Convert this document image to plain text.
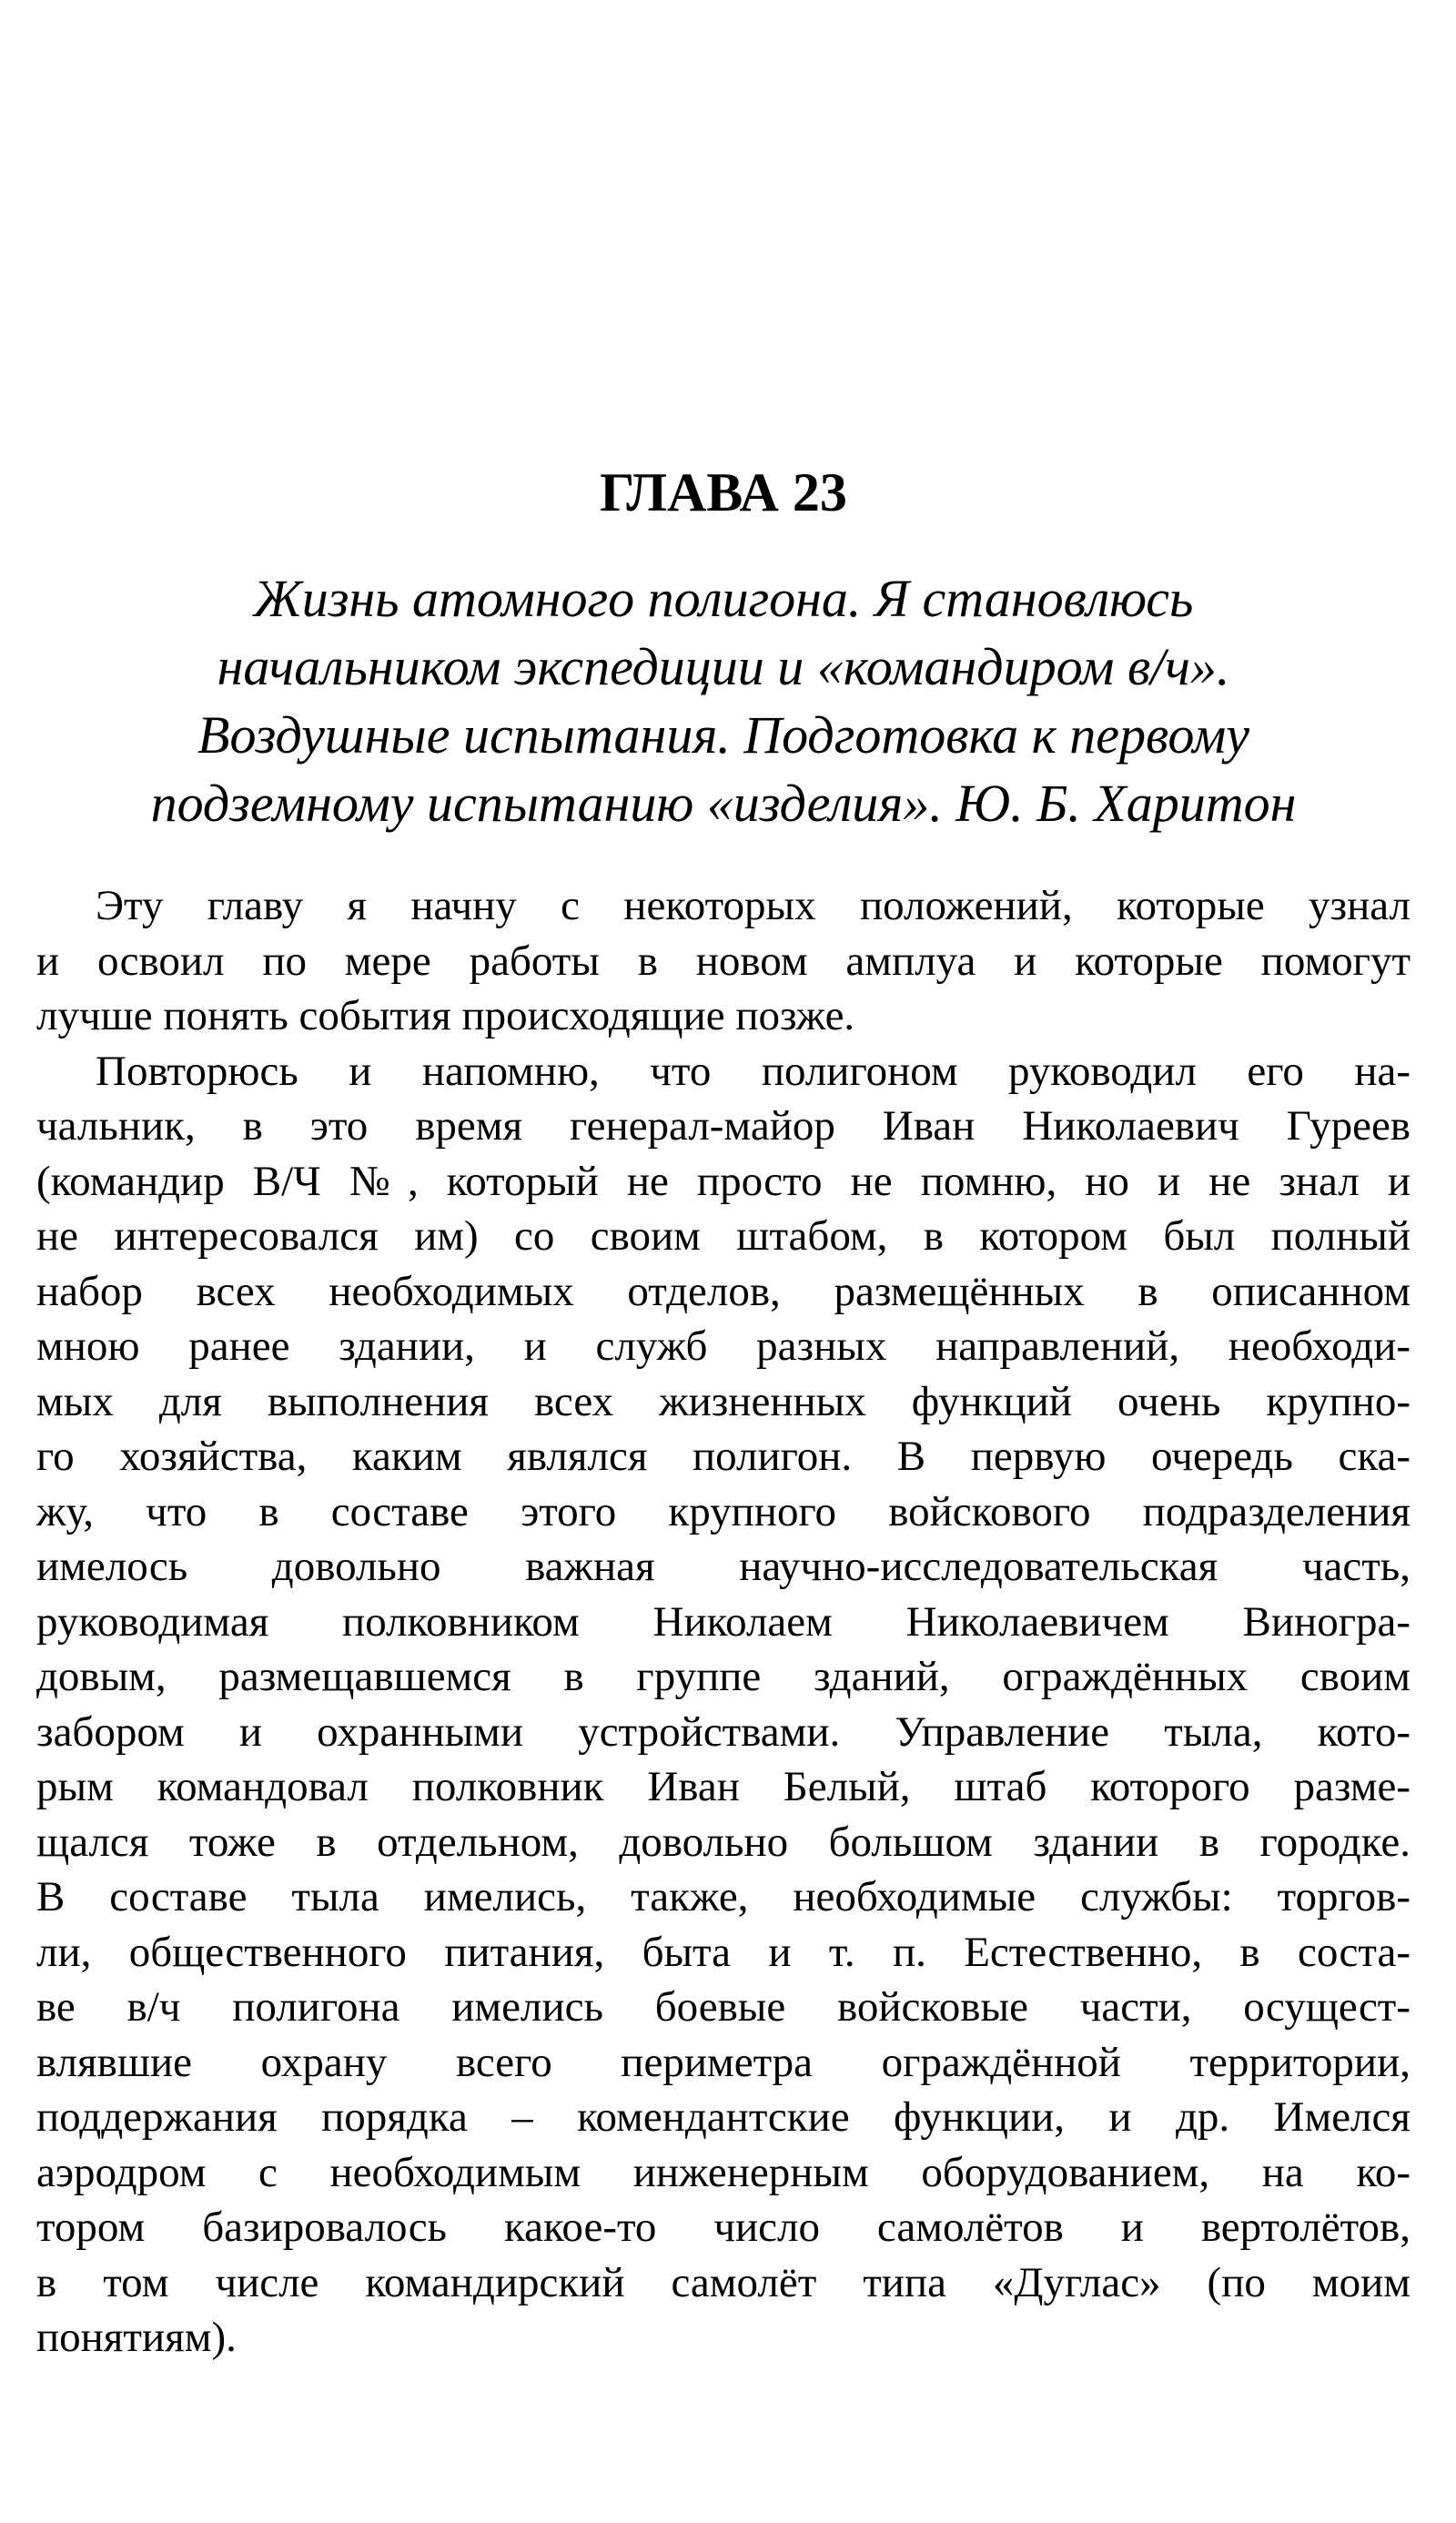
ГЛАВА 23
Жизнь атомного полигона. Я становлюсь
начальником экспедиции и «командиром в/ч».
Воздушные испытания. Подготовка к первому
подземному испытанию «изделия». Ю. Б. Харитон
Эту главу я начну с некоторых положений, которые узнал
и освоил по мере работы в новом амплуа и которые помогут
лучше понять события происходящие позже.
Повторюсь и напомню, что полигоном руководил его на-
чальник, в это время генерал-майор Иван Николаевич Гуреев
(командир В/Ч №, который не просто не помню, но и не знал и
не интересовался им) со своим штабом, в котором был полный
набор всех необходимых отделов, размещённых в описанном
мною ранее здании, и служб разных направлений, необходи-
мых для выполнения всех жизненных функций очень крупно-
го хозяйства, каким являлся полигон. В первую очередь ска-
жу, что в составе этого крупного войскового подразделения
имелось довольно важная научно-исследовательская часть,
руководимая полковником Николаем Николаевичем Виногра-
довым, размещавшемся в группе зданий, ограждённых своим
забором и охранными устройствами. Управление тыла, кото-
рым командовал полковник Иван Белый, штаб которого разме-
щался тоже в отдельном, довольно большом здании в городке.
В составе тыла имелись, также, необходимые службы: торгов-
ли, общественного питания, быта и т. п. Естественно, в соста-
ве в/ч полигона имелись боевые войсковые части, осущест-
влявшие охрану всего периметра ограждённой территории,
поддержания порядка – комендантские функции, и др. Имелся
аэродром с необходимым инженерным оборудованием, на ко-
тором базировалось какое-то число самолётов и вертолётов,
в том числе командирский самолёт типа «Дуглас» (по моим
понятиям).
